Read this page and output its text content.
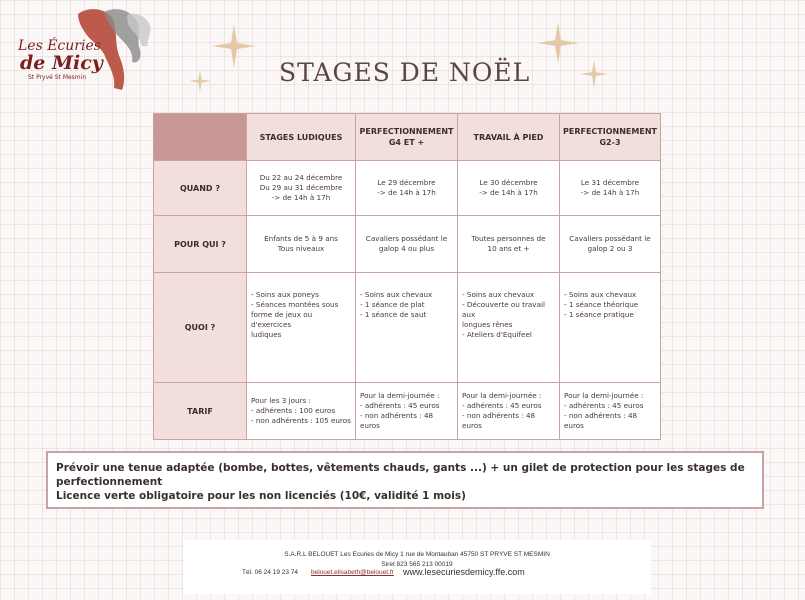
Les Écuries
de Micy
St Pryvé St Mesmin	STAGES DE NOËL
	STAGES LUDIQUES	PERFECTIONNEMENT G4 ET +	TRAVAIL À PIED	PERFECTIONNEMENT G2-3
QUAND ?	Du 22 au 24 décembre
Du 29 au 31 décembre
-> de 14h à 17h	Le 29 décembre
-> de 14h à 17h	Le 30 décembre
-> de 14h à 17h	Le 31 décembre
-> de 14h à 17h

POUR QUI ?	Enfants de 5 à 9 ans
Tous niveaux	Cavaliers possédant le
galop 4 ou plus	Toutes personnes de
10 ans et +	Cavaliers possédant le
galop 2 ou 3

QUOI ?	- Soins aux poneys
- Séances montées sous
forme de jeux ou d'exercices
ludiques	- Soins aux chevaux
- 1 séance de plat
- 1 séance de saut	- Soins aux chevaux
- Découverte ou travail aux
longues rênes
- Ateliers d'Equifeel	- Soins aux chevaux
- 1 séance théorique
- 1 séance pratique

TARIF	Pour les 3 jours :
- adhérents : 100 euros
- non adhérents : 105 euros	Pour la demi-journée :
- adhérents : 45 euros
- non adhérents : 48 euros	Pour la demi-journée :
- adhérents : 45 euros
- non adhérents : 48 euros	Pour la demi-journée :
- adhérents : 45 euros
- non adhérents : 48 euros
Prévoir une tenue adaptée (bombe, bottes, vêtements chauds, gants ...) + un gilet de protection pour les stages de perfectionnement
Licence verte obligatoire pour les non licenciés (10€, validité 1 mois)
S.A.R.L BELOUET Les Ecuries de Micy 1 rue de Montauban 45750 ST PRYVE ST MESMIN
Siret 823 565 213 00019
Tél. 06 24 19 23 74 belouet.elisabeth@belouet.fr www.lesecuriesdemicy.ffe.com
